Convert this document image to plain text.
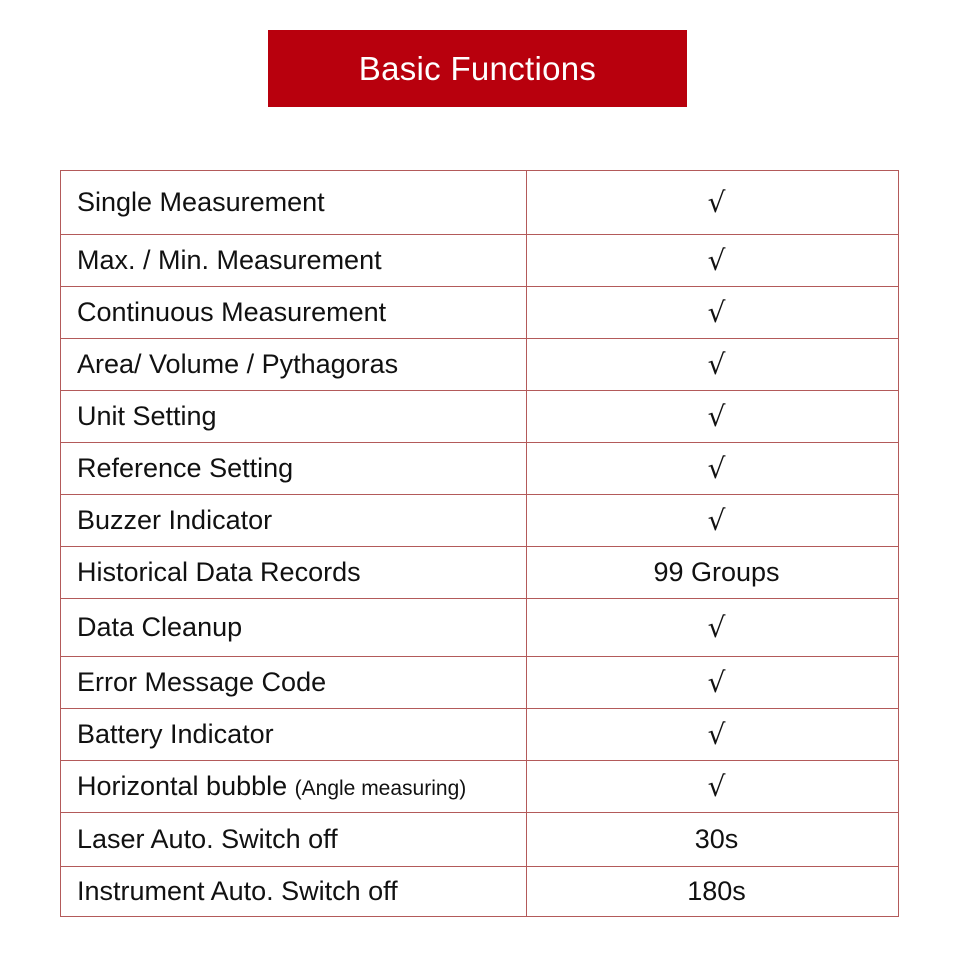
Basic Functions
Single Measurement	√
Max. / Min. Measurement	√
Continuous Measurement	√
Area/ Volume / Pythagoras	√
Unit Setting	√
Reference Setting	√
Buzzer Indicator	√
Historical Data Records	99 Groups
Data Cleanup	√
Error Message Code	√
Battery Indicator	√
Horizontal bubble (Angle measuring)	√
Laser Auto. Switch off	30s
Instrument Auto. Switch off	180s
